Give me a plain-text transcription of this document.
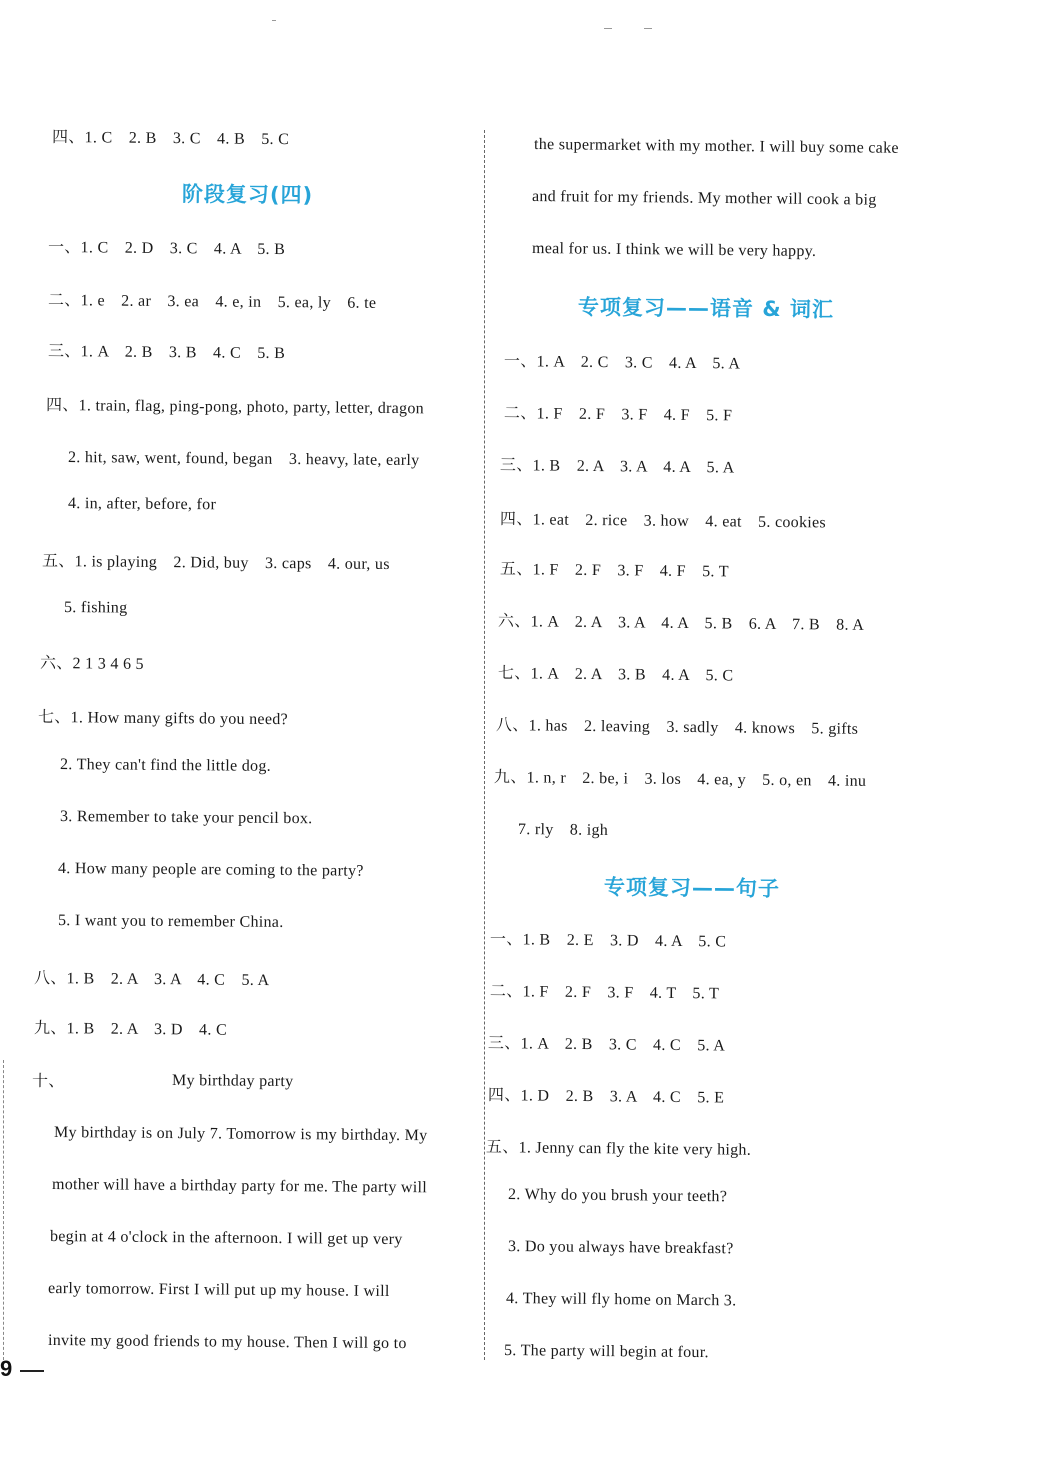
四、1. C　2. B　3. C　4. B　5. C
阶段复习(四)
一、1. C　2. D　3. C　4. A　5. B
二、1. e　2. ar　3. ea　4. e, in　5. ea, ly　6. te
三、1. A　2. B　3. B　4. C　5. B
四、1. train, flag, ping-pong, photo, party, letter, dragon
2. hit, saw, went, found, began　3. heavy, late, early
4. in, after, before, for
五、1. is playing　2. Did, buy　3. caps　4. our, us
5. fishing
六、2 1 3 4 6 5
七、1. How many gifts do you need?
2. They can't find the little dog.
3. Remember to take your pencil box.
4. How many people are coming to the party?
5. I want you to remember China.
八、1. B　2. A　3. A　4. C　5. A
九、1. B　2. A　3. D　4. C
十、	My birthday party
My birthday is on July 7. Tomorrow is my birthday. My
mother will have a birthday party for me. The party will
begin at 4 o'clock in the afternoon. I will get up very
early tomorrow. First I will put up my house. I will
invite my good friends to my house. Then I will go to
the supermarket with my mother. I will buy some cake
and fruit for my friends. My mother will cook a big
meal for us. I think we will be very happy.
专项复习——语音 & 词汇
一、1. A　2. C　3. C　4. A　5. A
二、1. F　2. F　3. F　4. F　5. F
三、1. B　2. A　3. A　4. A　5. A
四、1. eat　2. rice　3. how　4. eat　5. cookies
五、1. F　2. F　3. F　4. F　5. T
六、1. A　2. A　3. A　4. A　5. B　6. A　7. B　8. A
七、1. A　2. A　3. B　4. A　5. C
八、1. has　2. leaving　3. sadly　4. knows　5. gifts
九、1. n, r　2. be, i　3. los　4. ea, y　5. o, en　4. inu
7. rly　8. igh
专项复习——句子
一、1. B　2. E　3. D　4. A　5. C
二、1. F　2. F　3. F　4. T　5. T
三、1. A　2. B　3. C　4. C　5. A
四、1. D　2. B　3. A　4. C　5. E
五、1. Jenny can fly the kite very high.
2. Why do you brush your teeth?
3. Do you always have breakfast?
4. They will fly home on March 3.
5. The party will begin at four.
9
